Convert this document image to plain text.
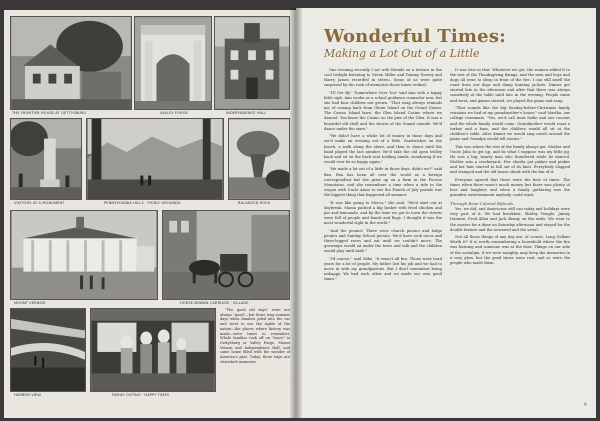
THE FRONTIER HOUSE AT GETTYSBURG	VALLEY FORGE	INDEPENDENCE HALL
VISITORS AT A MONUMENT	PENNSYLVANIA HILLS · PICNIC GROUNDS	BALANCED ROCK
MOUNT VERNON	HORSE-DRAWN CARRIAGE · VILLAGE
HARBOR VIEW	FAMILY OUTING · HAPPY TIMES

"The good old days" were not always "good"—but those long summer days when families piled into the car and went to see the sights of the nation—the places where history was made—were times to remember. Whole families took off on "tours" to Gettysburg or Valley Forge, Mount Vernon and Independence Hall, and came home filled with the wonder of America's past. Today, those trips are cherished memories.

Wonderful Times:
Making a Lot Out of a Little

One evening recently I sat with friends on a terrace in the cool twilight listening to Green Miller and Tommy Dorsey and Harry James recorded in stereo. Some of us were quite surprised by the rush of memories those tunes evoked.

"I'll Get By" "Somewhere Over You" said Ann with a happy little sigh. Ann works as a school guidance counselor now, but she had four children not grown. "That song always reminds me of coming back from Glenn Island on the Grand Queen. The Casino Island lawn, the Glen Island Casino where we danced. You know the Casino on the pier of the Glen. It was a beautiful old shell and the shores of the Sound outside. We'd dance under the stars."

"We didn't have a whole lot of money in those days and we'd make an evening out of a little. Sandwiches on the beach, a walk along the shore, and then to dance until the band played the last number. We'd take the old open trolley back and sit on the back seat holding hands, wondering if we would ever be so happy again."

"We made a lot out of a little in those days, didn't we?" said Bea. Bea has been all over the world as a foreign correspondent but she grew up on a farm in the Pocono Mountains, and she remembers a time when a ride in the wagon with Uncle Amos to see the Fourth of July parade was the biggest thing that happened all summer.

"It was like going to Mecca," she said. "We'd start out at daybreak. Mama packed a big basket with fried chicken and pie and lemonade, and by the time we got to town the streets were full of people and bands and flags. I thought it was the most wonderful sight in the world."

"And the picnics! There were church picnics and lodge picnics and Sunday School picnics. We'd have sack races and three-legged races and eat until we couldn't move. The grownups would sit under the trees and talk and the children would play until dark."

"Of course," said Mike, "it wasn't all fun. Those were hard years for a lot of people. My father lost his job and we had to move in with my grandparents. But I don't remember being unhappy. We had each other and we made our own good times."

It was true in that. Whatever we got, the women added it to the rest of the Thanksgiving fixings, and the men and boys and dogs all went to sleep in front of the fire. I can still smell the roast from our dogs and damp hunting jackets. Dinner got started late in the afternoon and after that there was always somebody at the table until late in the evening. People came and went, and games started, we played the piano and sang.

"That sounds like the big Sunday-before-Christmas family reunions we had at my grandmother's house," said Martha, our college roommate. "Yes, we'd call Aunt Sadie and our cousins and the whole family would come. Grandmother would roast a turkey and a ham, and the children would all sit at the children's table. After dinner we would sing carols around the piano and Grandpa would tell stories."

This was where the rest of the family always got. Mother and Uncle John to get up, and do what I suppose was my little jig. He was a big, hearty man who thundered while he danced. Mother was a crackerjack. Her cheeks got pinker and pinker and her hair started to fall out of its knot. Everybody clapped and stamped and the old house shook with the fun of it.

Everyone agreed that those were the best of times. The times when there wasn't much money but there was plenty of love and laughter, and when a family gathering was the grandest entertainment anybody could want.

Through Rose-Colored Bifocals

Yes, we did, and Americans still can today and holidays were very part of it. We had breakfast, Shirley Temple, Jimmy Durante, Fred Allen and Jack Benny on the radio. We went to the movies for a dime on Saturday afternoon and stayed for the double feature and the newsreel and the serial.

Not all those things of any day are, of course, Long Gallant Worth It? It is worth remembering a household where the fire was burning and someone was at the door. Things on our side of the nostalgia, if we were naughty, may keep the memories in a rosy glow, but the good times were real, and so were the people who made them.

9
